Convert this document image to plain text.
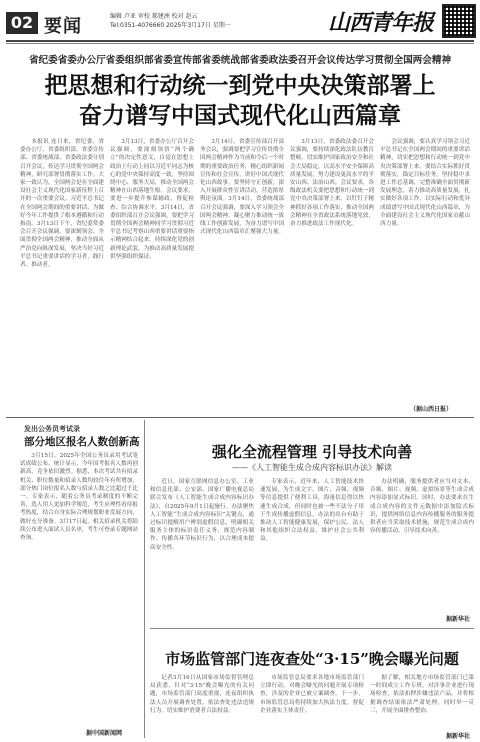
02 要闻	编辑 卢亚 审校 郝建洲 校对 赵云
Tel:0351-4076660 2025年3月17日 星期一	山西青年报
省纪委省委办公厅省委组织部省委宣传部省委统战部省委政法委召开会议传达学习贯彻全国两会精神
把思想和行动统一到党中央决策部署上
奋力谱写中国式现代化山西篇章

本报讯 连日来，省纪委、省委办公厅、省委组织部、省委宣传部、省委统战部、省委政法委分别召开会议，传达学习贯彻全国两会精神，研究部署贯彻落实工作。大家一致认为，全国两会是在全面建设社会主义现代化国家新征程上召开的一次重要会议。习近平总书记在全国两会期间的重要讲话，为做好今年工作提供了根本遵循和行动指南。3月13日下午，省纪委常委会召开会议强调，要深刻领会、全面贯彻全国两会精神，推动全面从严治党向纵深发展，坚决当好习近平总书记重要讲话的学习者、践行者、推动者。

3月13日，省委办公厅召开会议强调，要深刻领悟“两个确立”的决定性意义，自觉在思想上政治上行动上同以习近平同志为核心的党中央保持高度一致，坚持围绕中心、服务大局，推动全国两会精神在山西落地生根。会议要求，要进一步提升参谋辅政、督促检查、综合协调水平。3月14日，省委组织部召开会议强调，要把学习贯彻全国两会精神同学习贯彻习近平总书记考察山西重要讲话重要指示精神结合起来，持续深化党的创新理论武装，为推动高质量发展提供坚强组织保证。

3月14日，省委宣传部召开部务会议，强调要把学习宣传贯彻全国两会精神作为当前和今后一个时期的重要政治任务，精心组织新闻宣传和社会宣传，讲好中国式现代化山西故事。要坚持守正创新，深入开展群众性宣讲活动，营造浓厚舆论氛围。3月14日，省委统战部召开会议强调，要深入学习领会全国两会精神，凝心聚力推动统一战线工作创新发展，为奋力谱写中国式现代化山西篇章汇聚强大力量。

3月13日，省委政法委召开会议强调，要持续深化政法队伍教育整顿，切实维护国家政治安全和社会大局稳定，以高水平安全保障高质量发展，努力建设更高水平的平安山西、法治山西。会议要求，各级政法机关要把思想和行动统一到党中央决策部署上来，以钉钉子精神抓好各项工作落实，推动全国两会精神在全省政法系统落地见效，奋力推进政法工作现代化。

会议强调，要认真学习领会习近平总书记在全国两会期间的重要讲话精神，切实把思想和行动统一到党中央决策部署上来。要结合实际抓好贯彻落实，锚定目标任务，坚持稳中求进工作总基调，完整准确全面贯彻新发展理念，着力推动高质量发展，扎实做好各项工作，以实际行动和优异成绩谱写中国式现代化山西篇章，为全面建设社会主义现代化国家贡献山西力量。

（据山西日报）
发出公务员考试录
部分地区报名人数创新高

3月15日，2025年全国公务员录用考试笔试成绩公布。统计显示，今年国考报名人数再创新高，竞争依旧激烈。据悉，本次考试共有招录机关、职位数量和招录人数均较往年有所增加，部分热门岗位报名人数与招录人数之比超过千比一。专家表示，随着公务员考录制度的不断完善，选人用人更加科学规范，考生应理性看待报考热度，结合自身实际合理规划职业发展方向，做好充分准备。3月17日起，相关招录机关将陆续公布进入面试人员名单，考生可登录专题网站查询。

据中国新闻网
强化全流程管理 引导技术向善
——《人工智能生成合成内容标识办法》解读

近日，国家互联网信息办公室、工业和信息化部、公安部、国家广播电视总局联合发布《人工智能生成合成内容标识办法》，自2025年9月1日起施行。办法聚焦人工智能“生成合成内容标识”关键点，通过标识提醒用户辨别虚假信息，明确相关服务主体的标识责任义务，规范内容制作、传播各环节标识行为，以合理成本提高安全性。

专家表示，近年来，人工智能技术快速发展，为生成文字、图片、音频、视频等信息提供了便利工具，海量信息得以快速生成合成，但同时也被一些不法分子用于生成传播虚假信息。办法的出台有助于推动人工智能健康发展，保护公民、法人和其他组织合法权益，维护社会公共利益。

办法明确，服务提供者应当对文本、音频、图片、视频、虚拟场景等生成合成内容添加显式标识。同时，办法要求在生成合成内容的文件元数据中添加隐式标识，提供网络信息内容传播服务的服务提供者应当采取技术措施，规范生成合成内容传播活动，引导技术向善。

据新华社
市场监管部门连夜查处“3·15”晚会曝光问题

记者3月16日从国家市场监督管理总局获悉，针对“3·15”晚会曝光的有关问题，市场监管部门高度重视，连夜组织执法人员开展调查处置，依法查处违法违规行为，切实维护消费者合法权益。

市场监管总局要求各地市场监管部门立即行动，对晚会曝光的问题开展专项检查，涉及的企业已被立案调查。下一步，市场监管总局将持续加大执法力度，督促企业落实主体责任。

据了解，相关地方市场监管部门已第一时间成立工作专班，对涉事企业进行现场检查，依法扣押涉嫌违法产品，并将根据调查结果依法严肃处理，同时举一反三，开展全面排查整治。

据新华社
